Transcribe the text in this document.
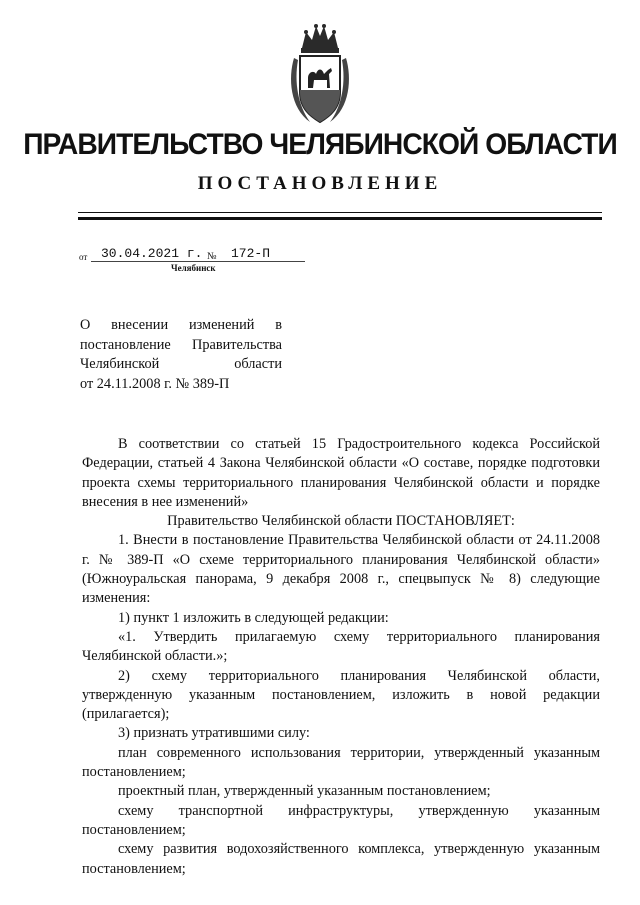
ПРАВИТЕЛЬСТВО ЧЕЛЯБИНСКОЙ ОБЛАСТИ
ПОСТАНОВЛЕНИЕ
от 30.04.2021 г. № 172-П
Челябинск
О внесении изменений в
постановление Правительства
Челябинской области
от 24.11.2008 г. № 389-П

В соответствии со статьей 15 Градостроительного кодекса Российской Федерации, статьей 4 Закона Челябинской области «О составе, порядке подготовки проекта схемы территориального планирования Челябинской области и порядке внесения в нее изменений»

Правительство Челябинской области ПОСТАНОВЛЯЕТ:

1. Внести в постановление Правительства Челябинской области от 24.11.2008 г. № 389-П «О схеме территориального планирования Челябинской области» (Южноуральская панорама, 9 декабря 2008 г., спецвыпуск № 8) следующие изменения:

1) пункт 1 изложить в следующей редакции:

«1. Утвердить прилагаемую схему территориального планирования Челябинской области.»;

2) схему территориального планирования Челябинской области, утвержденную указанным постановлением, изложить в новой редакции (прилагается);

3) признать утратившими силу:

план современного использования территории, утвержденный указанным постановлением;

проектный план, утвержденный указанным постановлением;

схему транспортной инфраструктуры, утвержденную указанным постановлением;

схему развития водохозяйственного комплекса, утвержденную указанным постановлением;
